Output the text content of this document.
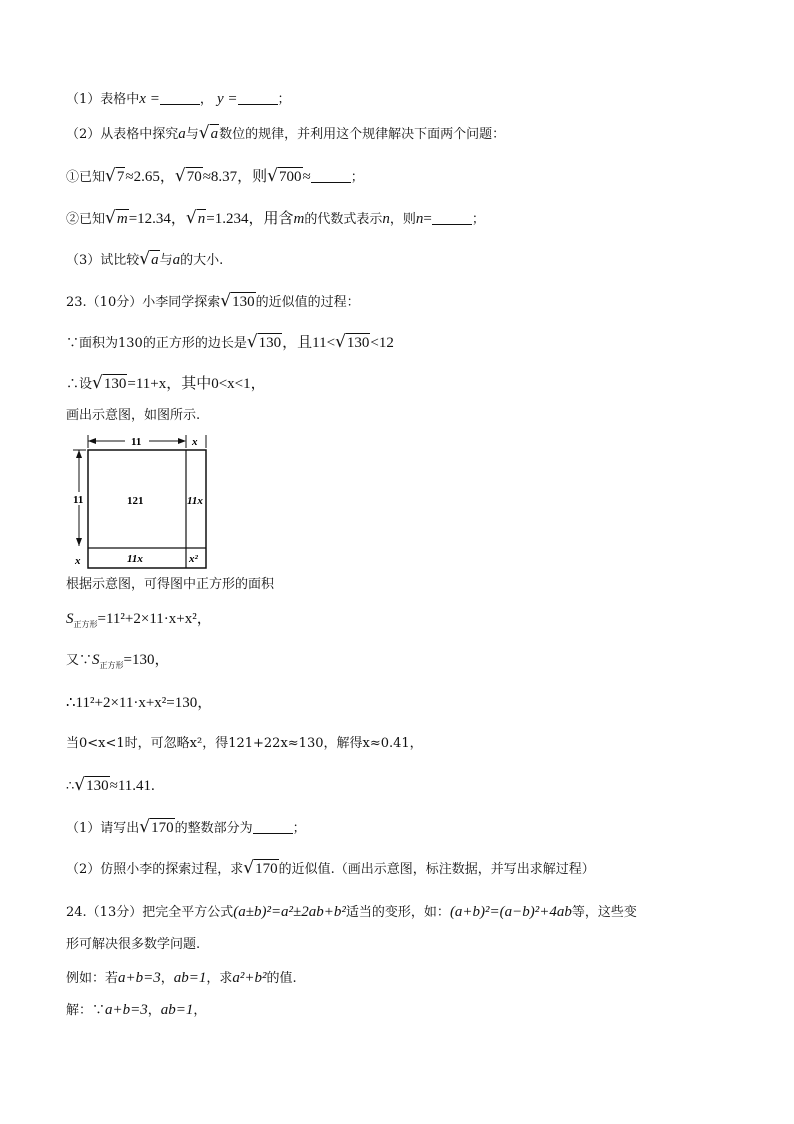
（1）表格中x =	， y =	；
（2）从表格中探究a与 √ a 数位的规律，并利用这个规律解决下面两个问题：
①已知 √ 7 ≈2.65， √ 70 ≈8.37，则 √ 700 ≈	；
②已知 √ m =12.34， √ n =1.234，用含m的代数式表示n，则n=	；
（3）试比较 √ a 与a的大小.
23.（10分）小李同学探索 √ 130 的近似值的过程：
∵面积为130的正方形的边长是 √ 130 ，且11< √ 130 <12
∴设 √ 130 =11+x，其中0<x<1，
画出示意图，如图所示.
11	x
11
x
121	11x
11x	x²
根据示意图，可得图中正方形的面积
$S_{正方形}=11^2+2\times 11\cdot x+x^2$，
又$\because S_{正方形}=130$，
∴11²+2×11·x+x²=130，
当0<x<1时，可忽略x²，得121+22x≈130，解得x≈0.41，
∴ √ 130 ≈11.41.
（1）请写出 √ 170 的整数部分为	；
（2）仿照小李的探索过程，求 √ 170 的近似值.（画出示意图，标注数据，并写出求解过程）
24.（13分）把完全平方公式(a±b)²=a²±2ab+b²适当的变形，如：(a+b)²=(a−b)²+4ab等，这些变
形可解决很多数学问题.
例如：若a+b=3，ab=1，求a²+b²的值.
解：∵a+b=3，ab=1，
